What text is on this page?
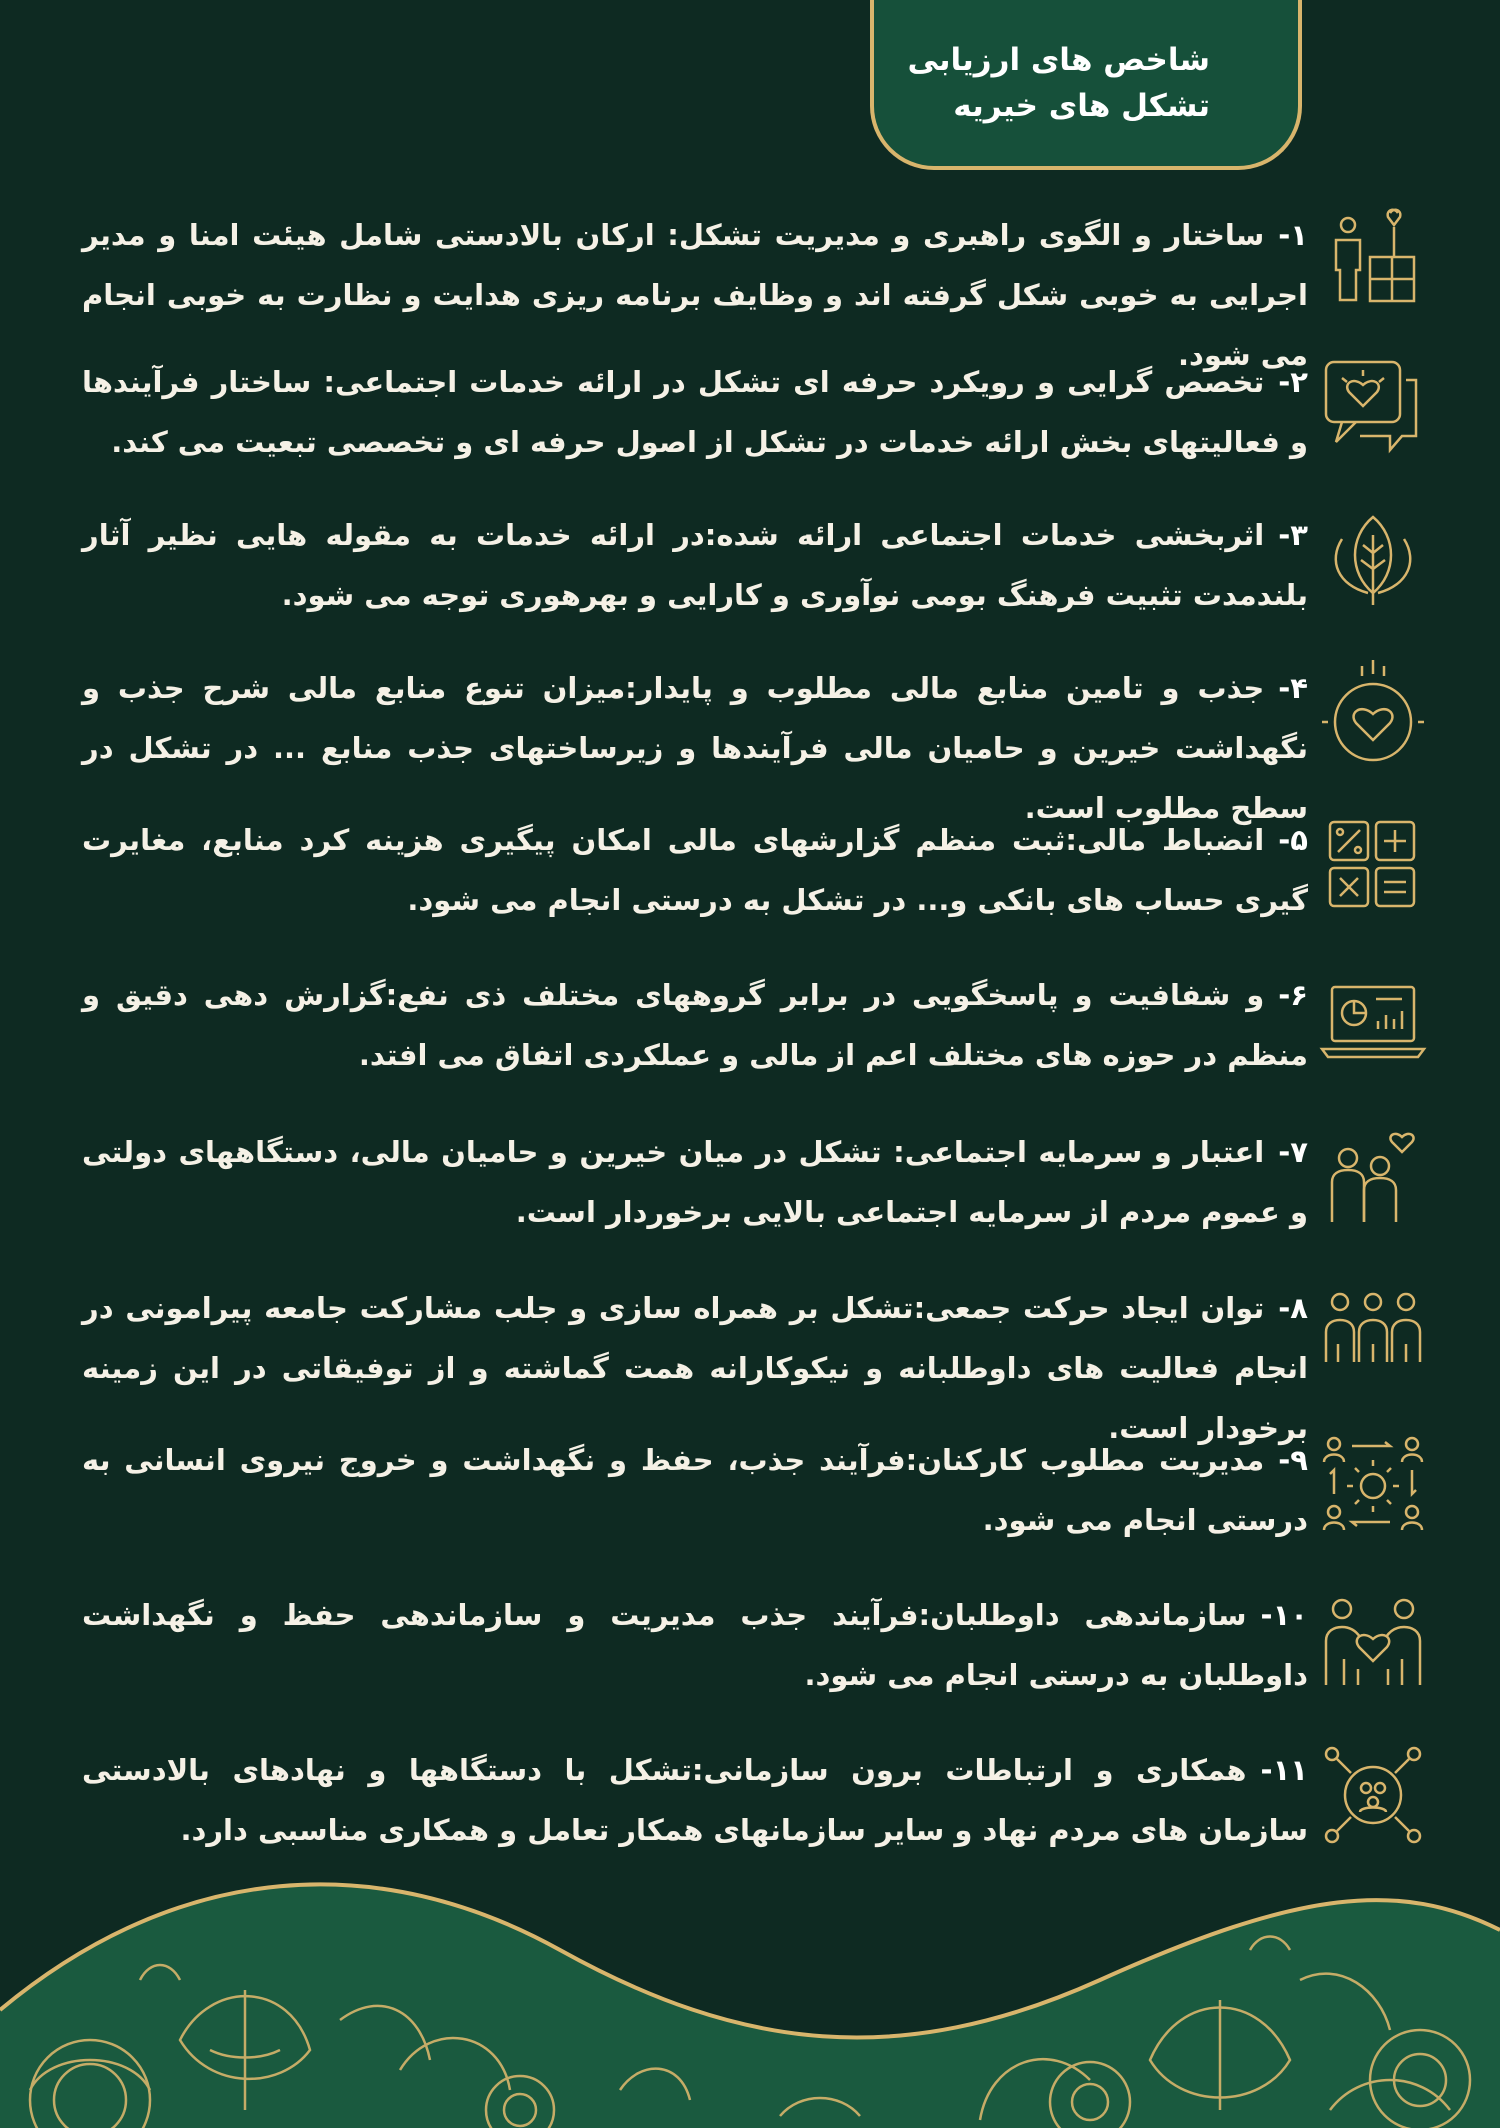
شاخص های ارزیابی
تشکل های خیریه
۱-ساختار و الگوی راهبری و مدیریت تشکل: ارکان بالادستی شامل هیئت امنا و مدیر اجرایی به خوبی شکل گرفته اند و وظایف برنامه ریزی هدایت و نظارت به خوبی انجام می شود.
۲-تخصص گرایی و رویکرد حرفه ای تشکل در ارائه خدمات اجتماعی: ساختار فرآیندها و فعالیتهای بخش ارائه خدمات در تشکل از اصول حرفه ای و تخصصی تبعیت می کند.
۳-اثربخشی خدمات اجتماعی ارائه شده:در ارائه خدمات به مقوله هایی نظیر آثار بلندمدت تثبیت فرهنگ بومی نوآوری و کارایی و بهرهوری توجه می شود.
۴-جذب و تامین منابع مالی مطلوب و پایدار:میزان تنوع منابع مالی شرح جذب و نگهداشت خیرین و حامیان مالی فرآیندها و زیرساختهای جذب منابع ... در تشکل در سطح مطلوب است.
۵-انضباط مالی:ثبت منظم گزارشهای مالی امکان پیگیری هزینه کرد منابع، مغایرت گیری حساب های بانکی و... در تشکل به درستی انجام می شود.
۶-و شفافیت و پاسخگویی در برابر گروههای مختلف ذی نفع:گزارش دهی دقیق و منظم در حوزه های مختلف اعم از مالی و عملکردی اتفاق می افتد.
۷-اعتبار و سرمایه اجتماعی: تشکل در میان خیرین و حامیان مالی، دستگاههای دولتی و عموم مردم از سرمایه اجتماعی بالایی برخوردار است.
۸-توان ایجاد حرکت جمعی:تشکل بر همراه سازی و جلب مشارکت جامعه پیرامونی در انجام فعالیت های داوطلبانه و نیکوکارانه همت گماشته و از توفیقاتی در این زمینه برخودار است.
۹-مدیریت مطلوب کارکنان:فرآیند جذب، حفظ و نگهداشت و خروج نیروی انسانی به درستی انجام می شود.
۱۰-سازماندهی داوطلبان:فرآیند جذب مدیریت و سازماندهی حفظ و نگهداشت داوطلبان به درستی انجام می شود.
۱۱-همکاری و ارتباطات برون سازمانی:تشکل با دستگاهها و نهادهای بالادستی سازمان های مردم نهاد و سایر سازمانهای همکار تعامل و همکاری مناسبی دارد.
